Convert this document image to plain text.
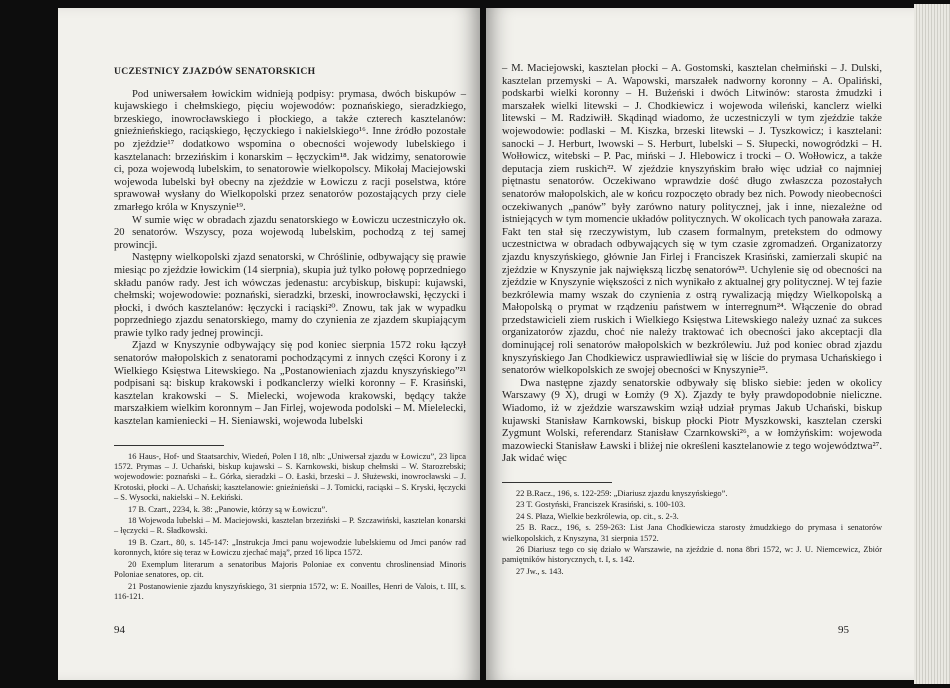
UCZESTNICY ZJAZDÓW SENATORSKICH

Pod uniwersałem łowickim widnieją podpisy: prymasa, dwóch biskupów – kujawskiego i chełmskiego, pięciu wojewodów: poznańskiego, sieradzkiego, brzeskiego, inowrocławskiego i płockiego, a także czterech kasztelanów: gnieźnieńskiego, raciąskiego, łęczyckiego i nakielskiego¹⁶. Inne źródło pozostałe po zjeździe¹⁷ dodatkowo wspomina o obecności wojewody lubelskiego i kasztelanach: brzezińskim i konarskim – łęczyckim¹⁸. Jak widzimy, senatorowie ci, poza wojewodą lubelskim, to senatorowie wielkopolscy. Mikołaj Maciejowski wojewoda lubelski był obecny na zjeździe w Łowiczu z racji poselstwa, które sprawował wysłany do Wielkopolski przez senatorów pozostających przy ciele zmarłego króla w Knyszynie¹⁹.

W sumie więc w obradach zjazdu senatorskiego w Łowiczu uczestniczyło ok. 20 senatorów. Wszyscy, poza wojewodą lubelskim, pochodzą z tej samej prowincji.

Następny wielkopolski zjazd senatorski, w Chróślinie, odbywający się prawie miesiąc po zjeździe łowickim (14 sierpnia), skupia już tylko połowę poprzedniego składu panów rady. Jest ich wówczas jedenastu: arcybiskup, biskupi: kujawski, chełmski; wojewodowie: poznański, sieradzki, brzeski, inowrocławski, łęczycki i płocki, i dwóch kasztelanów: łęczycki i raciąski²⁰. Znowu, tak jak w wypadku poprzedniego zjazdu senatorskiego, mamy do czynienia ze zjazdem skupiającym prawie tylko rady jednej prowincji.

Zjazd w Knyszynie odbywający się pod koniec sierpnia 1572 roku łączył senatorów małopolskich z senatorami pochodzącymi z innych części Korony i z Wielkiego Księstwa Litewskiego. Na „Postanowieniach zjazdu knyszyńskiego”²¹ podpisani są: biskup krakowski i podkanclerzy wielki koronny – F. Krasiński, kasztelan krakowski – S. Mielecki, wojewoda krakowski, będący także marszałkiem wielkim koronnym – Jan Firlej, wojewoda podolski – M. Mielelecki, kasztelan kamieniecki – H. Sieniawski, wojewoda lubelski

16 Haus-, Hof- und Staatsarchiv, Wiedeń, Polen I 18, nlb: „Uniwersał zjazdu w Łowiczu”, 23 lipca 1572. Prymas – J. Uchański, biskup kujawski – S. Karnkowski, biskup chełmski – W. Starozrebski; wojewodowie: poznański – Ł. Górka, sieradzki – O. Łaski, brzeski – J. Służewski, inowrocławski – J. Krotoski, płocki – A. Uchański; kasztelanowie: gnieźnieński – J. Tomicki, raciąski – S. Kryski, łęczycki – S. Wysocki, nakielski – N. Łekiński.

17 B. Czart., 2234, k. 38: „Panowie, którzy są w Łowiczu”.

18 Wojewoda lubelski – M. Maciejowski, kasztelan brzeziński – P. Szczawiński, kasztelan konarski – łęczycki – R. Sładkowski.

19 B. Czart., 80, s. 145-147: „Instrukcja Jmci panu wojewodzie lubelskiemu od Jmci panów rad koronnych, które się teraz w Łowiczu zjechać mają”, przed 16 lipca 1572.

20 Exemplum literarum a senatoribus Majoris Poloniae ex conventu chroslinensiad Minoris Poloniae senatores, op. cit.

21 Postanowienie zjazdu knyszyńskiego, 31 sierpnia 1572, w: E. Noailles, Henri de Valois, t. III, s. 116-121.

94

– M. Maciejowski, kasztelan płocki – A. Gostomski, kasztelan chełmiński – J. Dulski, kasztelan przemyski – A. Wapowski, marszałek nadworny koronny – A. Opaliński, podskarbi wielki koronny – H. Bużeński i dwóch Litwinów: starosta żmudzki i marszałek wielki litewski – J. Chodkiewicz i wojewoda wileński, kanclerz wielki litewski – M. Radziwiłł. Skądinąd wiadomo, że uczestniczyli w tym zjeździe także wojewodowie: podlaski – M. Kiszka, brzeski litewski – J. Tyszkowicz; i kasztelani: sanocki – J. Herburt, lwowski – S. Herburt, lubelski – S. Słupecki, nowogródzki – H. Wołłowicz, witebski – P. Pac, miński – J. Hlebowicz i trocki – O. Wołłowicz, a także deputacja ziem ruskich²². W zjeździe knyszyńskim brało więc udział co najmniej piętnastu senatorów. Oczekiwano wprawdzie dość długo zwłaszcza pozostałych senatorów małopolskich, ale w końcu rozpoczęto obrady bez nich. Powody nieobecności oczekiwanych „panów” były zarówno natury politycznej, jak i inne, niezależne od istniejących w tym momencie układów politycznych. W okolicach tych panowała zaraza. Fakt ten stał się rzeczywistym, lub czasem formalnym, pretekstem do odmowy uczestnictwa w obradach odbywających się w tym czasie zgromadzeń. Organizatorzy zjazdu knyszyńskiego, głównie Jan Firlej i Franciszek Krasiński, zamierzali skupić na zjeździe w Knyszynie jak największą liczbę senatorów²³. Uchylenie się od obecności na zjeździe w Knyszynie większości z nich wynikało z aktualnej gry politycznej. W tej fazie bezkrólewia mamy wszak do czynienia z ostrą rywalizacją między Wielkopolską a Małopolską o prymat w rządzeniu państwem w interregnum²⁴. Włączenie do obrad przedstawicieli ziem ruskich i Wielkiego Księstwa Litewskiego należy uznać za sukces organizatorów zjazdu, choć nie należy traktować ich obecności jako akceptacji dla dominującej roli senatorów małopolskich w bezkrólewiu. Już pod koniec obrad zjazdu knyszyńskiego Jan Chodkiewicz usprawiedliwiał się w liście do prymasa Uchańskiego i senatorów wielkopolskich ze swojej obecności w Knyszynie²⁵.

Dwa następne zjazdy senatorskie odbywały się blisko siebie: jeden w okolicy Warszawy (9 X), drugi w Łomży (9 X). Zjazdy te były prawdopodobnie nieliczne. Wiadomo, iż w zjeździe warszawskim wziął udział prymas Jakub Uchański, biskup kujawski Stanisław Karnkowski, biskup płocki Piotr Myszkowski, kasztelan czerski Zygmunt Wolski, referendarz Stanisław Czarnkowski²⁶, a w łomżyńskim: wojewoda mazowiecki Stanisław Ławski i bliżej nie określeni kasztelanowie z tego województwa²⁷. Jak widać więc

22 B.Racz., 196, s. 122-259: „Diariusz zjazdu knyszyńskiego”.

23 T. Gostyński, Franciszek Krasiński, s. 100-103.

24 S. Płaza, Wielkie bezkrólewia, op. cit., s. 2-3.

25 B. Racz., 196, s. 259-263: List Jana Chodkiewicza starosty żmudzkiego do prymasa i senatorów wielkopolskich, z Knyszyna, 31 sierpnia 1572.

26 Diariusz tego co się działo w Warszawie, na zjeździe d. nona 8bri 1572, w: J. U. Niemcewicz, Zbiór pamiętników historycznych, t. I, s. 142.

27 Jw., s. 143.

95
